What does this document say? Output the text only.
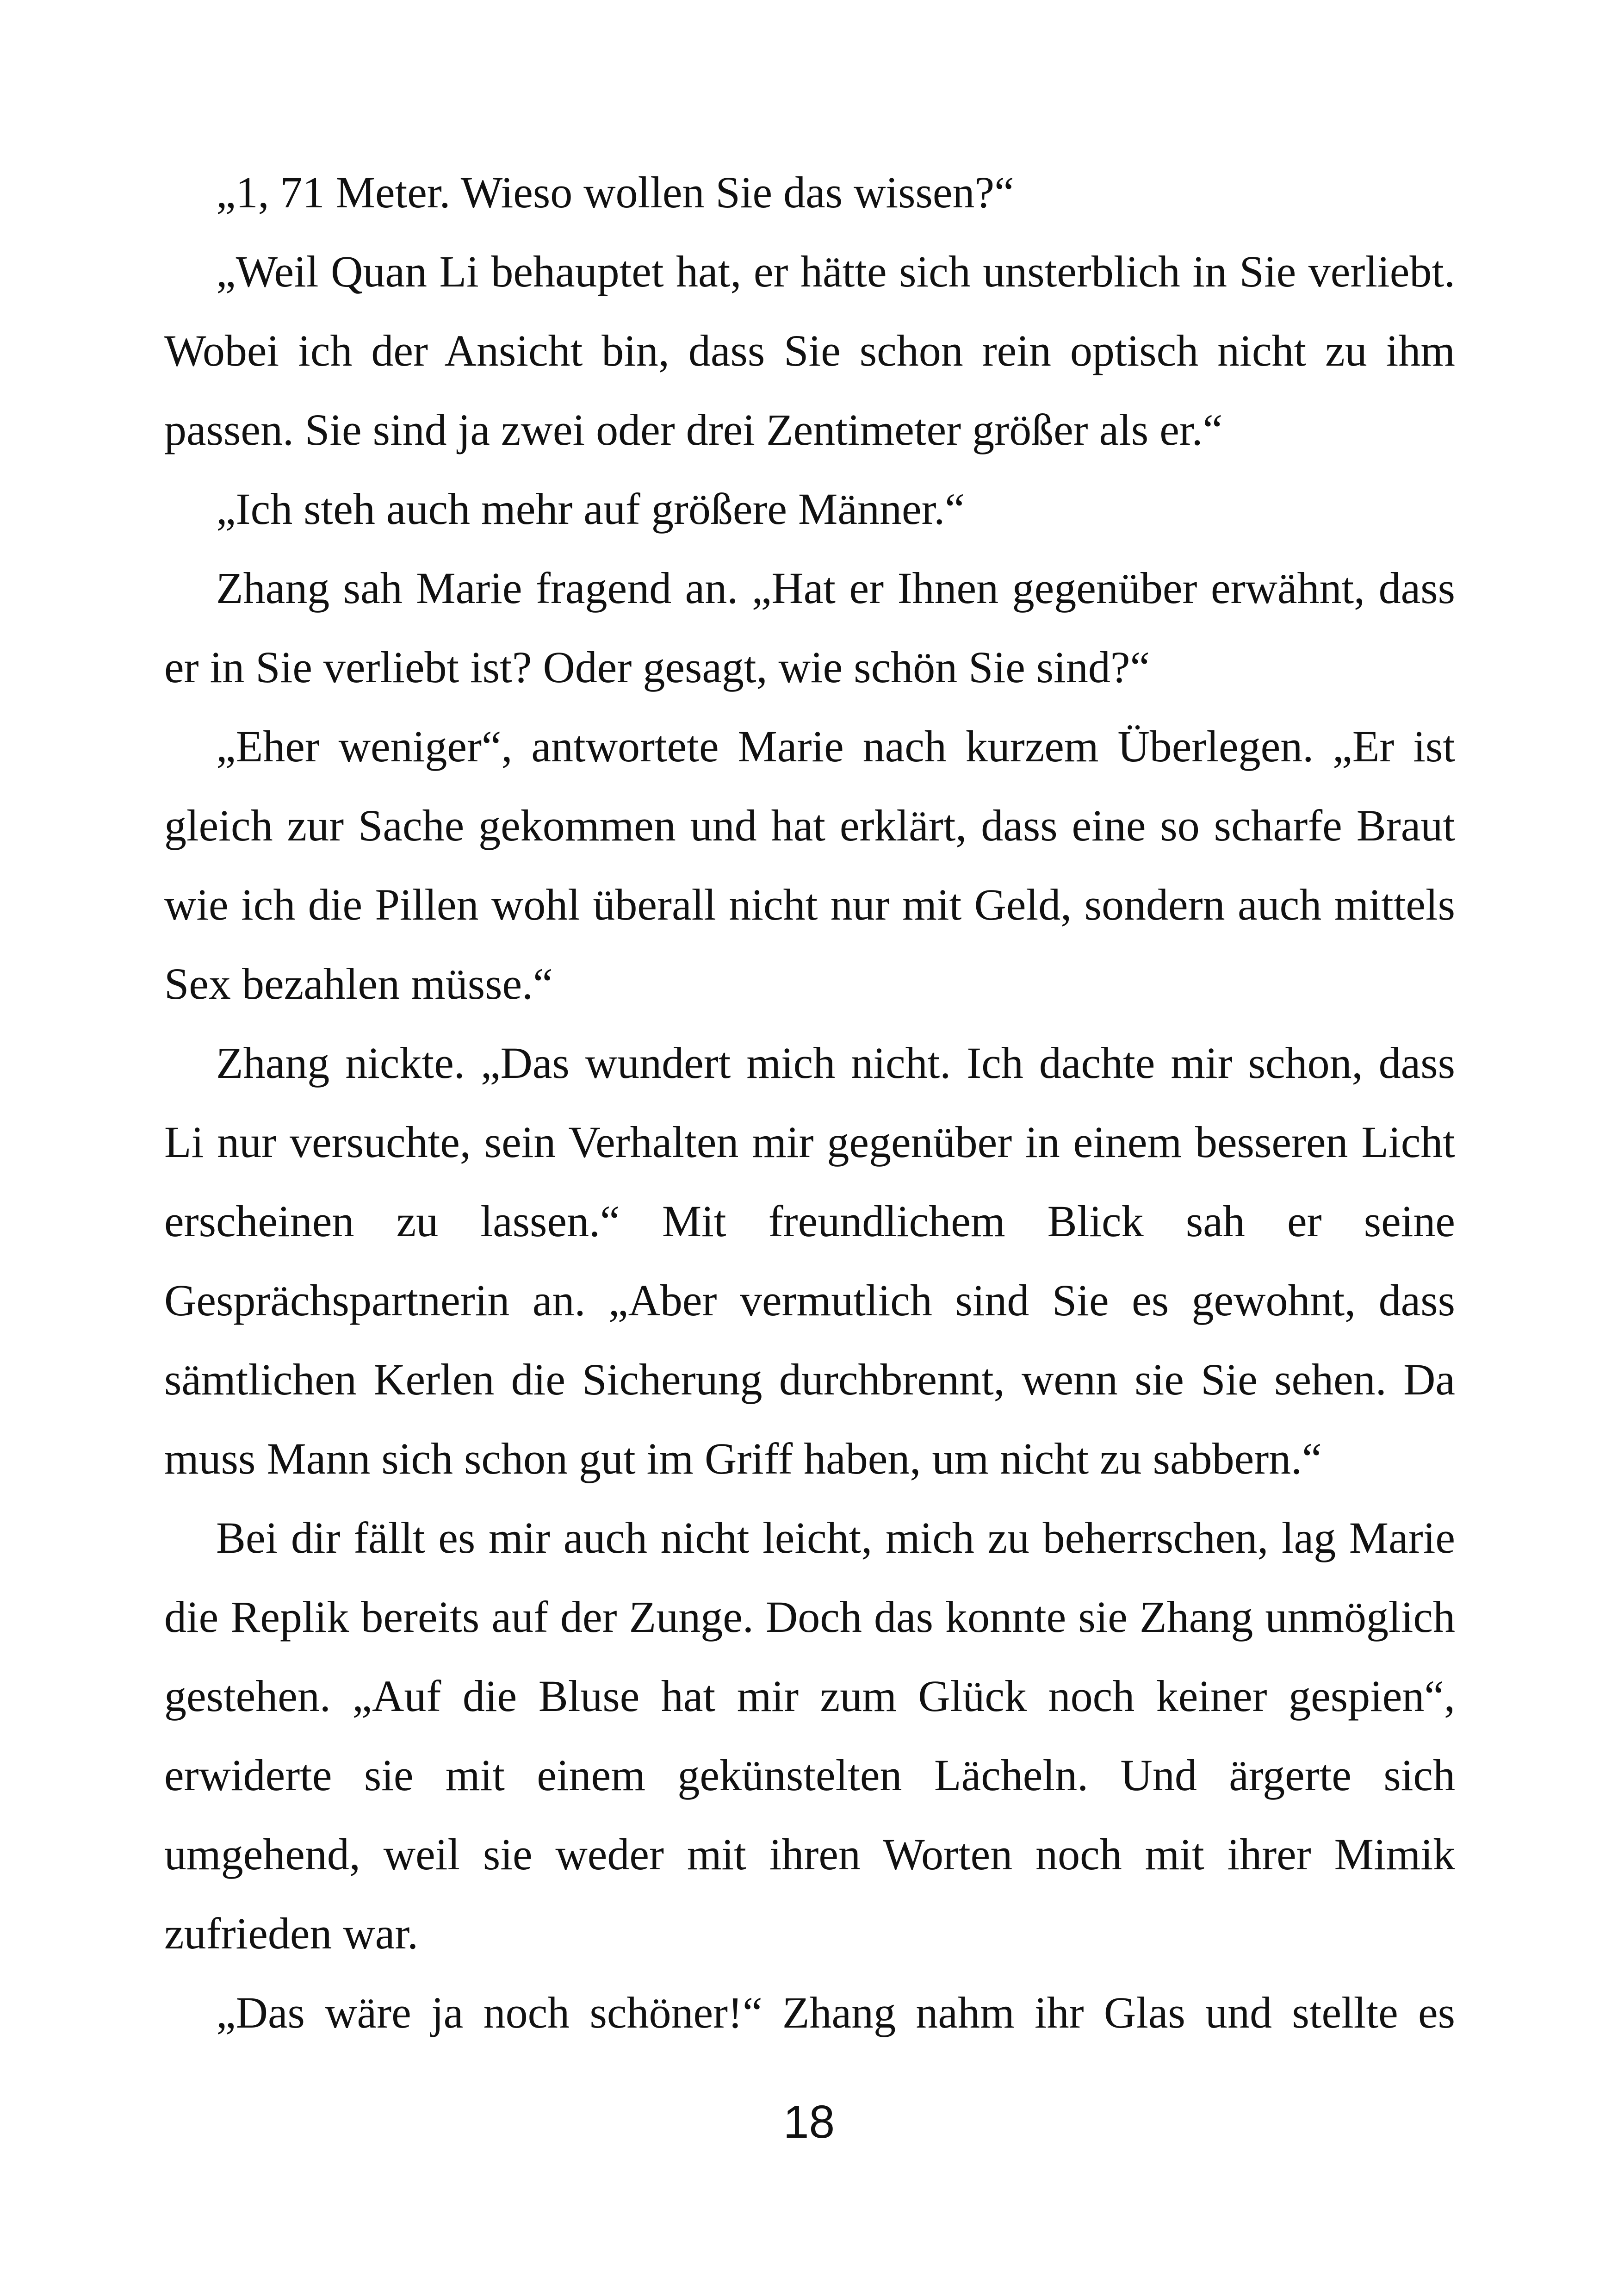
„1, 71 Meter. Wieso wollen Sie das wissen?“

„Weil Quan Li behauptet hat, er hätte sich unsterblich in Sie verliebt. Wobei ich der Ansicht bin, dass Sie schon rein optisch nicht zu ihm passen. Sie sind ja zwei oder drei Zentimeter größer als er.“

„Ich steh auch mehr auf größere Männer.“

Zhang sah Marie fragend an. „Hat er Ihnen gegenüber erwähnt, dass er in Sie verliebt ist? Oder gesagt, wie schön Sie sind?“

„Eher weniger“, antwortete Marie nach kurzem Überlegen. „Er ist gleich zur Sache gekommen und hat erklärt, dass eine so scharfe Braut wie ich die Pillen wohl überall nicht nur mit Geld, sondern auch mittels Sex bezahlen müsse.“

Zhang nickte. „Das wundert mich nicht. Ich dachte mir schon, dass Li nur versuchte, sein Verhalten mir gegenüber in einem besseren Licht erscheinen zu lassen.“ Mit freundlichem Blick sah er seine Gesprächspartnerin an. „Aber vermutlich sind Sie es gewohnt, dass sämtlichen Kerlen die Sicherung durchbrennt, wenn sie Sie sehen. Da muss Mann sich schon gut im Griff haben, um nicht zu sabbern.“

Bei dir fällt es mir auch nicht leicht, mich zu beherrschen, lag Marie die Replik bereits auf der Zunge. Doch das konnte sie Zhang unmöglich gestehen. „Auf die Bluse hat mir zum Glück noch keiner gespien“, erwiderte sie mit einem gekünstelten Lächeln. Und ärgerte sich umgehend, weil sie weder mit ihren Worten noch mit ihrer Mimik zufrieden war.

„Das wäre ja noch schöner!“ Zhang nahm ihr Glas und stellte es

18
